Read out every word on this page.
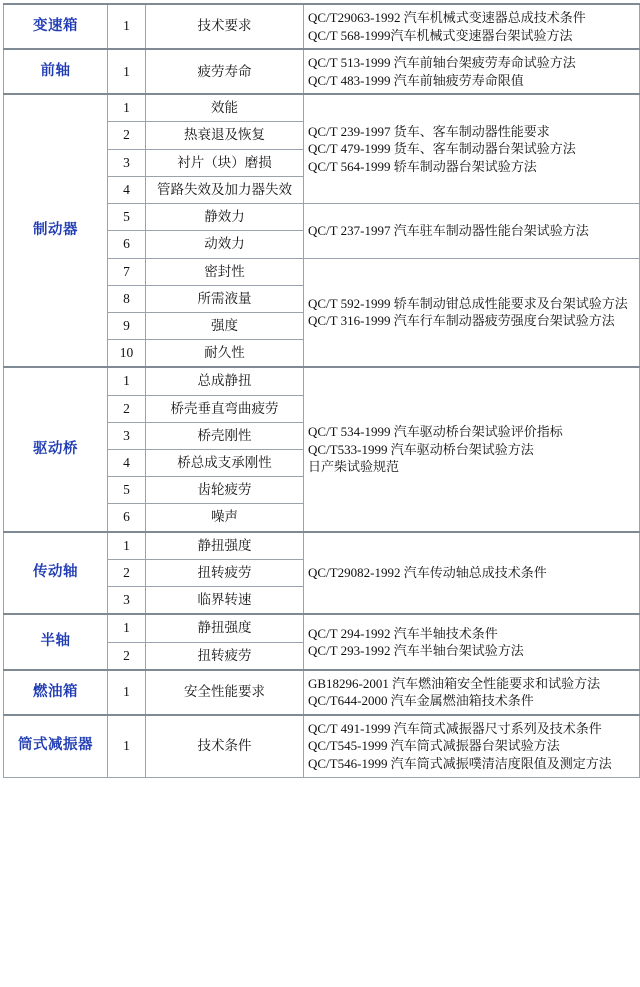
变速箱	1	技术要求	QC/T29063-1992 汽车机械式变速器总成技术条件
QC/T 568-1999汽车机械式变速器台架试验方法

前轴	1	疲劳寿命	QC/T 513-1999 汽车前轴台架疲劳寿命试验方法
QC/T 483-1999 汽车前轴疲劳寿命限值

制动器	1	效能	QC/T 239-1997 货车、客车制动器性能要求
QC/T 479-1999 货车、客车制动器台架试验方法
QC/T 564-1999 轿车制动器台架试验方法

	2	热衰退及恢复	
	3	衬片（块）磨损	
	4	管路失效及加力器失效	
	5	静效力	QC/T 237-1997 汽车驻车制动器性能台架试验方法

	6	动效力	
	7	密封性	QC/T 592-1999 轿车制动钳总成性能要求及台架试验方法
QC/T 316-1999 汽车行车制动器疲劳强度台架试验方法

	8	所需液量	
	9	强度	
	10	耐久性	
驱动桥	1	总成静扭	QC/T 534-1999 汽车驱动桥台架试验评价指标
QC/T533-1999 汽车驱动桥台架试验方法
日产柴试验规范

	2	桥壳垂直弯曲疲劳	
	3	桥壳刚性	
	4	桥总成支承刚性	
	5	齿轮疲劳	
	6	噪声	
传动轴	1	静扭强度	QC/T29082-1992 汽车传动轴总成技术条件

	2	扭转疲劳	
	3	临界转速	
半轴	1	静扭强度	QC/T 294-1992 汽车半轴技术条件
QC/T 293-1992 汽车半轴台架试验方法

	2	扭转疲劳	
燃油箱	1	安全性能要求	GB18296-2001 汽车燃油箱安全性能要求和试验方法
QC/T644-2000 汽车金属燃油箱技术条件

筒式减振器	1	技术条件	QC/T 491-1999 汽车筒式减振器尺寸系列及技术条件
QC/T545-1999 汽车筒式减振器台架试验方法
QC/T546-1999 汽车筒式减振噗清洁度限值及测定方法
